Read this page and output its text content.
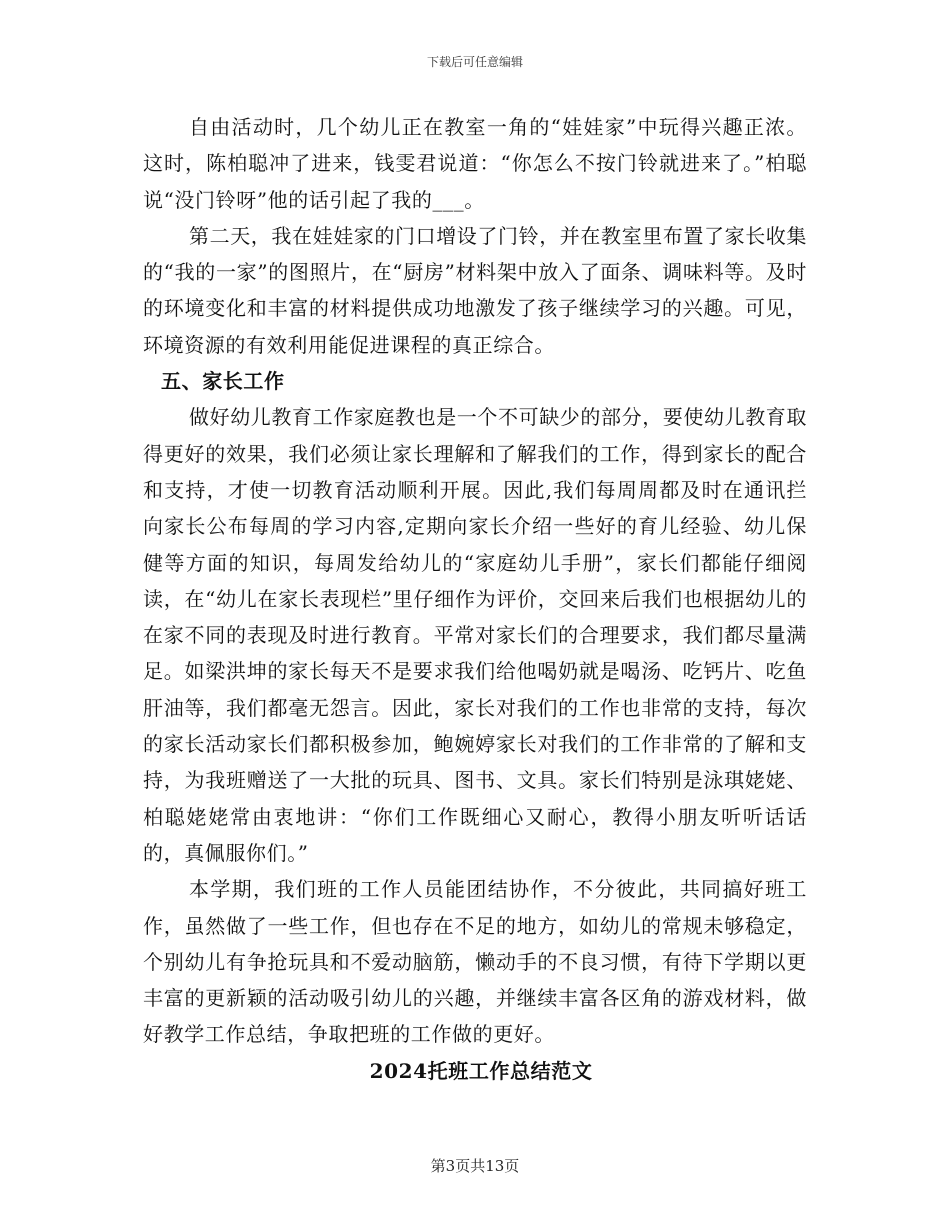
下载后可任意编辑

自由活动时，几个幼儿正在教室一角的“娃娃家”中玩得兴趣正浓。这时，陈柏聪冲了进来，钱雯君说道：“你怎么不按门铃就进来了。”柏聪说“没门铃呀”他的话引起了我的___。

第二天，我在娃娃家的门口增设了门铃，并在教室里布置了家长收集的“我的一家”的图照片，在“厨房”材料架中放入了面条、调味料等。及时的环境变化和丰富的材料提供成功地激发了孩子继续学习的兴趣。可见，环境资源的有效利用能促进课程的真正综合。

五、家长工作

做好幼儿教育工作家庭教也是一个不可缺少的部分，要使幼儿教育取得更好的效果，我们必须让家长理解和了解我们的工作，得到家长的配合和支持，才使一切教育活动顺利开展。因此,我们每周周都及时在通讯拦向家长公布每周的学习内容,定期向家长介绍一些好的育儿经验、幼儿保健等方面的知识，每周发给幼儿的“家庭幼儿手册”，家长们都能仔细阅读，在“幼儿在家长表现栏”里仔细作为评价，交回来后我们也根据幼儿的在家不同的表现及时进行教育。平常对家长们的合理要求，我们都尽量满足。如梁洪坤的家长每天不是要求我们给他喝奶就是喝汤、吃钙片、吃鱼肝油等，我们都毫无怨言。因此，家长对我们的工作也非常的支持，每次的家长活动家长们都积极参加，鲍婉婷家长对我们的工作非常的了解和支持，为我班赠送了一大批的玩具、图书、文具。家长们特别是泳琪姥姥、柏聪姥姥常由衷地讲：“你们工作既细心又耐心，教得小朋友听听话话的，真佩服你们。”

本学期，我们班的工作人员能团结协作，不分彼此，共同搞好班工作，虽然做了一些工作，但也存在不足的地方，如幼儿的常规未够稳定，个别幼儿有争抢玩具和不爱动脑筋，懒动手的不良习惯，有待下学期以更丰富的更新颖的活动吸引幼儿的兴趣，并继续丰富各区角的游戏材料，做好教学工作总结，争取把班的工作做的更好。

2024托班工作总结范文

第3页共13页
